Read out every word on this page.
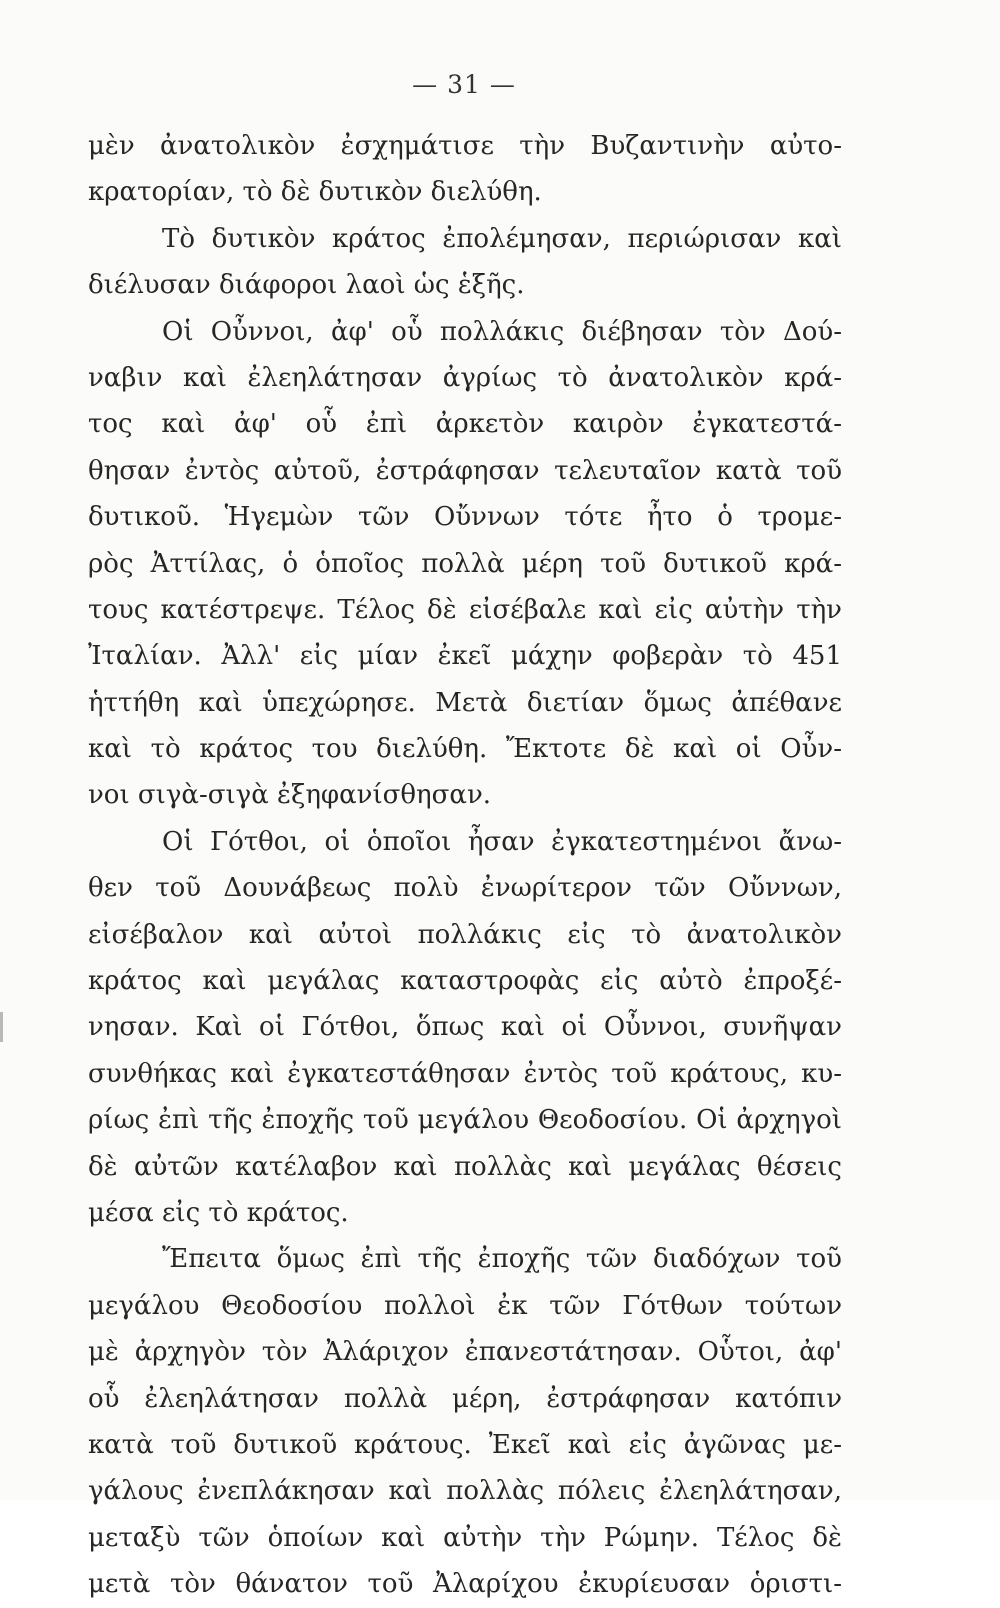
— 31 —

μὲν ἀνατολικὸν ἐσχημάτισε τὴν Βυζαντινὴν αὐτο-
κρατορίαν, τὸ δὲ δυτικὸν διελύθη.

Τὸ δυτικὸν κράτος ἐπολέμησαν, περιώρισαν καὶ
διέλυσαν διάφοροι λαοὶ ὡς ἑξῆς.

Οἱ Οὖννοι, ἀφ' οὗ πολλάκις διέβησαν τὸν Δού-
ναβιν καὶ ἐλεηλάτησαν ἀγρίως τὸ ἀνατολικὸν κρά-
τος καὶ ἀφ' οὗ ἐπὶ ἀρκετὸν καιρὸν ἐγκατεστά-
θησαν ἐντὸς αὐτοῦ, ἐστράφησαν τελευταῖον κατὰ τοῦ
δυτικοῦ. Ἡγεμὼν τῶν Οὔννων τότε ἦτο ὁ τρομε-
ρὸς Ἀττίλας, ὁ ὁποῖος πολλὰ μέρη τοῦ δυτικοῦ κρά-
τους κατέστρεψε. Τέλος δὲ εἰσέβαλε καὶ εἰς αὐτὴν τὴν
Ἰταλίαν. Ἀλλ' εἰς μίαν ἐκεῖ μάχην φοβερὰν τὸ 451
ἡττήθη καὶ ὑπεχώρησε. Μετὰ διετίαν ὅμως ἀπέθανε
καὶ τὸ κράτος του διελύθη. Ἔκτοτε δὲ καὶ οἱ Οὖν-
νοι σιγὰ-σιγὰ ἐξηφανίσθησαν.

Οἱ Γότθοι, οἱ ὁποῖοι ἦσαν ἐγκατεστημένοι ἄνω-
θεν τοῦ Δουνάβεως πολὺ ἐνωρίτερον τῶν Οὔννων,
εἰσέβαλον καὶ αὐτοὶ πολλάκις εἰς τὸ ἀνατολικὸν
κράτος καὶ μεγάλας καταστροφὰς εἰς αὐτὸ ἐπροξέ-
νησαν. Καὶ οἱ Γότθοι, ὅπως καὶ οἱ Οὖννοι, συνῆψαν
συνθήκας καὶ ἐγκατεστάθησαν ἐντὸς τοῦ κράτους, κυ-
ρίως ἐπὶ τῆς ἐποχῆς τοῦ μεγάλου Θεοδοσίου. Οἱ ἀρχηγοὶ
δὲ αὐτῶν κατέλαβον καὶ πολλὰς καὶ μεγάλας θέσεις
μέσα εἰς τὸ κράτος.

Ἔπειτα ὅμως ἐπὶ τῆς ἐποχῆς τῶν διαδόχων τοῦ
μεγάλου Θεοδοσίου πολλοὶ ἐκ τῶν Γότθων τούτων
μὲ ἀρχηγὸν τὸν Ἀλάριχον ἐπανεστάτησαν. Οὗτοι, ἀφ'
οὗ ἐλεηλάτησαν πολλὰ μέρη, ἐστράφησαν κατόπιν
κατὰ τοῦ δυτικοῦ κράτους. Ἐκεῖ καὶ εἰς ἀγῶνας με-
γάλους ἐνεπλάκησαν καὶ πολλὰς πόλεις ἐλεηλάτησαν,
μεταξὺ τῶν ὁποίων καὶ αὐτὴν τὴν Ρώμην. Τέλος δὲ
μετὰ τὸν θάνατον τοῦ Ἀλαρίχου ἐκυρίευσαν ὁριστι-
